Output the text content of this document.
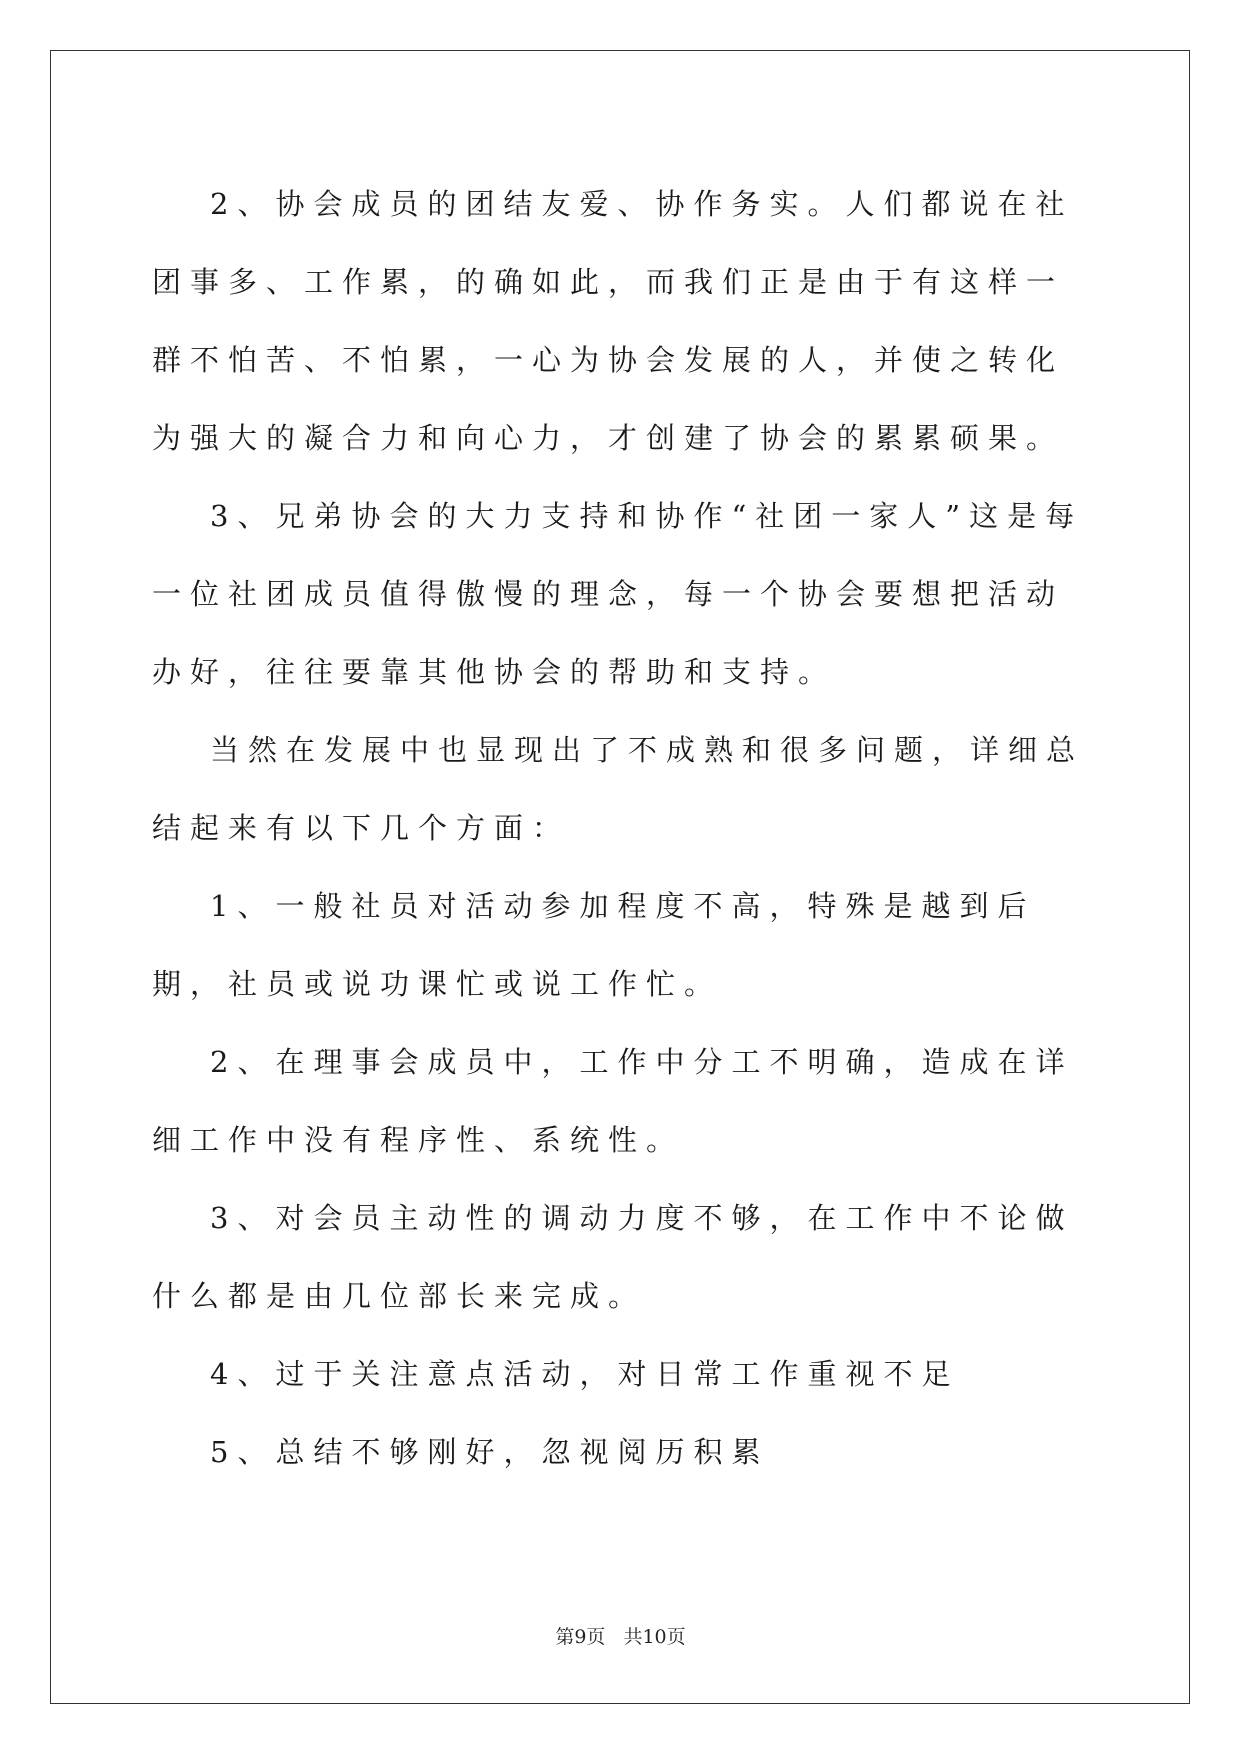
2、协会成员的团结友爱、协作务实。人们都说在社团事多、工作累，的确如此，而我们正是由于有这样一群不怕苦、不怕累，一心为协会发展的人，并使之转化为强大的凝合力和向心力，才创建了协会的累累硕果。

3、兄弟协会的大力支持和协作“社团一家人”这是每一位社团成员值得傲慢的理念，每一个协会要想把活动办好，往往要靠其他协会的帮助和支持。

当然在发展中也显现出了不成熟和很多问题，详细总结起来有以下几个方面：

1、一般社员对活动参加程度不高，特殊是越到后期，社员或说功课忙或说工作忙。

2、在理事会成员中，工作中分工不明确，造成在详细工作中没有程序性、系统性。

3、对会员主动性的调动力度不够，在工作中不论做什么都是由几位部长来完成。

4、过于关注意点活动，对日常工作重视不足

5、总结不够刚好，忽视阅历积累

第9页 共10页
